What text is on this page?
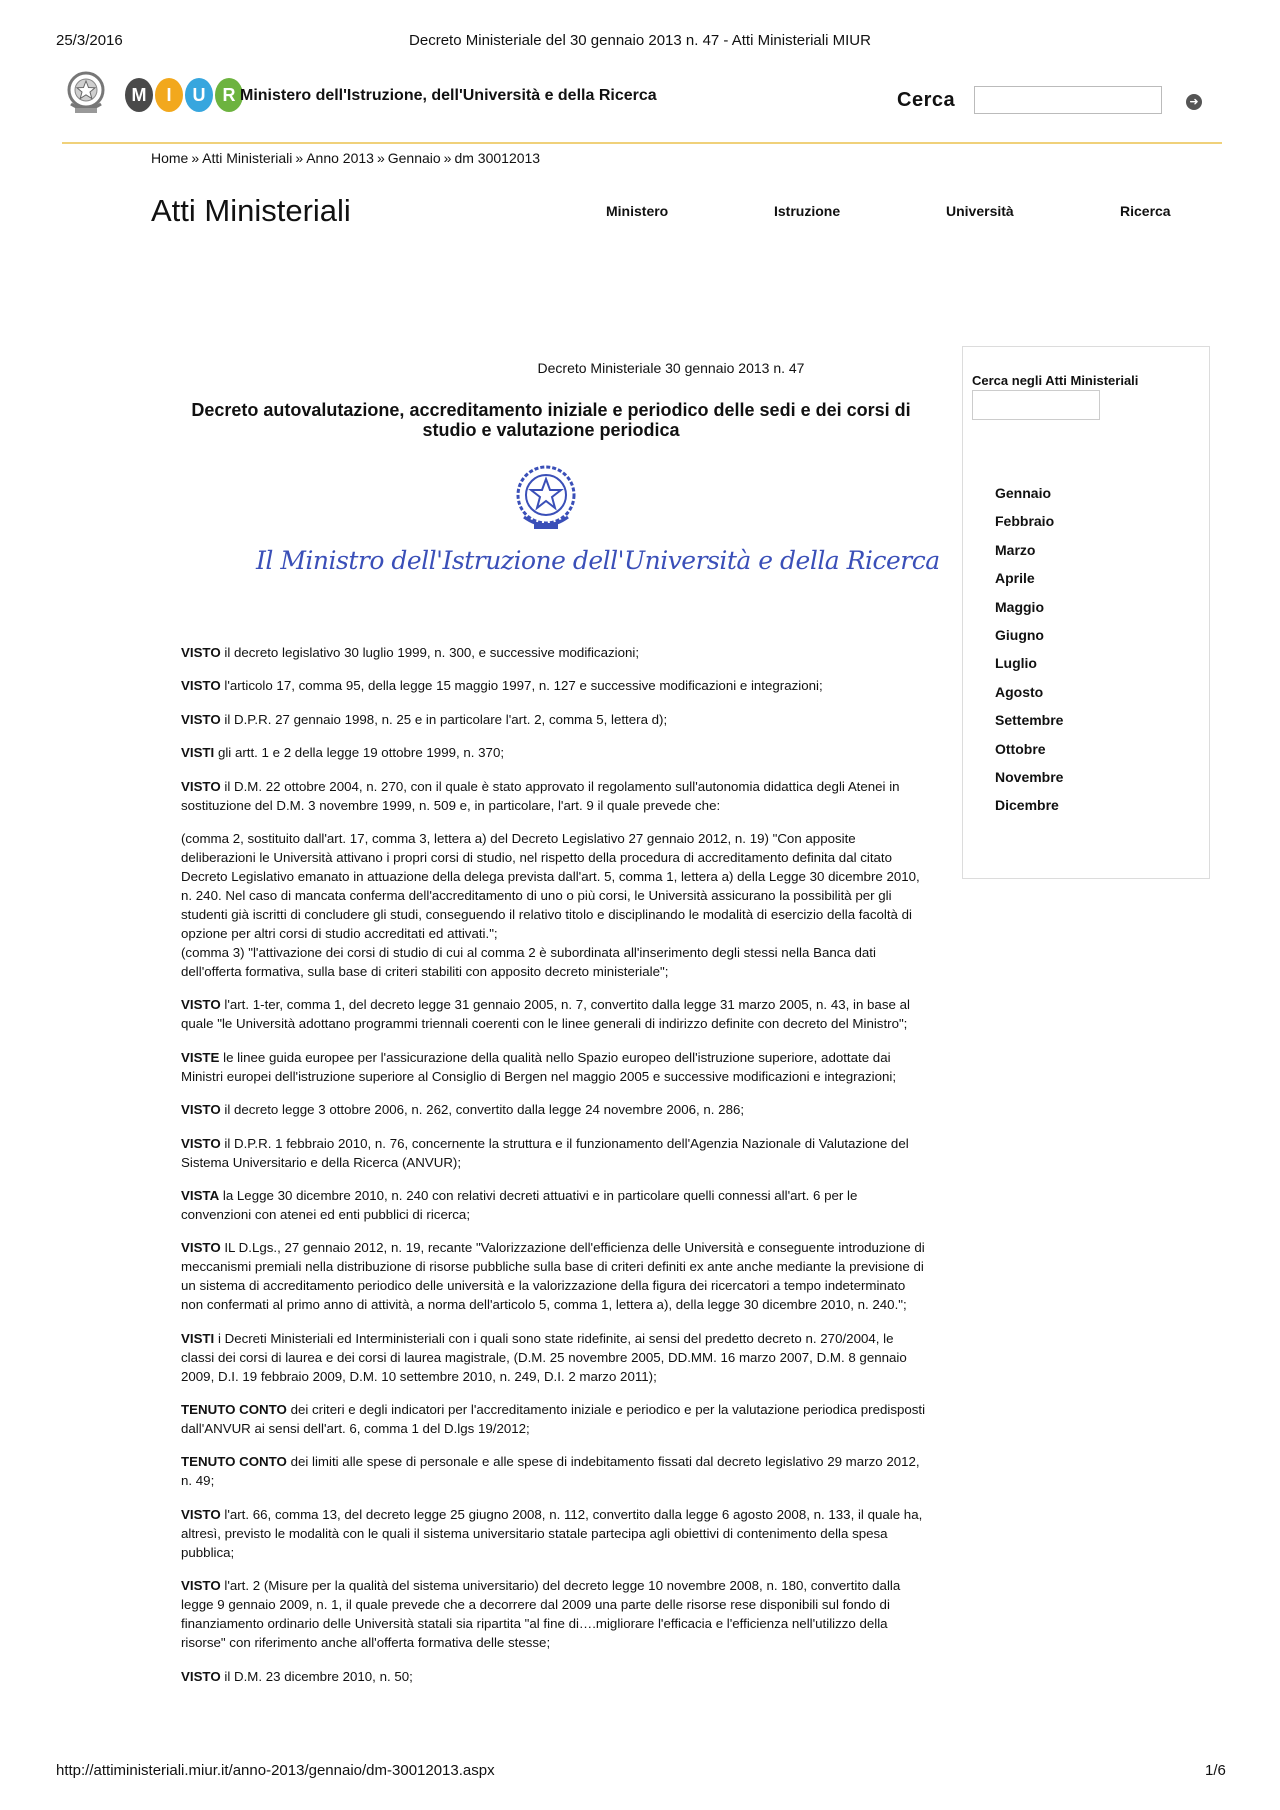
25/3/2016	Decreto Ministeriale del 30 gennaio 2013 n. 47 - Atti Ministeriali MIUR
M	I	U R Ministero dell'Istruzione, dell'Università e della Ricerca	Cerca	➜
Home » Atti Ministeriali » Anno 2013 » Gennaio » dm 30012013
Atti Ministeriali	Ministero	Istruzione	Università	Ricerca
Cerca negli Atti Ministeriali
Gennaio
Febbraio
Marzo
Aprile
Maggio
Giugno
Luglio
Agosto
Settembre
Ottobre
Novembre
Dicembre
Decreto Ministeriale 30 gennaio 2013 n. 47
Decreto autovalutazione, accreditamento iniziale e periodico delle sedi e dei corsi di studio e valutazione periodica
Il Ministro dell'Istruzione dell'Università e della Ricerca

VISTO il decreto legislativo 30 luglio 1999, n. 300, e successive modificazioni;

VISTO l'articolo 17, comma 95, della legge 15 maggio 1997, n. 127 e successive modificazioni e integrazioni;

VISTO il D.P.R. 27 gennaio 1998, n. 25 e in particolare l'art. 2, comma 5, lettera d);

VISTI gli artt. 1 e 2 della legge 19 ottobre 1999, n. 370;

VISTO il D.M. 22 ottobre 2004, n. 270, con il quale è stato approvato il regolamento sull'autonomia didattica degli Atenei in sostituzione del D.M. 3 novembre 1999, n. 509 e, in particolare, l'art. 9 il quale prevede che:

(comma 2, sostituito dall'art. 17, comma 3, lettera a) del Decreto Legislativo 27 gennaio 2012, n. 19) "Con apposite deliberazioni le Università attivano i propri corsi di studio, nel rispetto della procedura di accreditamento definita dal citato Decreto Legislativo emanato in attuazione della delega prevista dall'art. 5, comma 1, lettera a) della Legge 30 dicembre 2010, n. 240. Nel caso di mancata conferma dell'accreditamento di uno o più corsi, le Università assicurano la possibilità per gli studenti già iscritti di concludere gli studi, conseguendo il relativo titolo e disciplinando le modalità di esercizio della facoltà di opzione per altri corsi di studio accreditati ed attivati.";
(comma 3) "l'attivazione dei corsi di studio di cui al comma 2 è subordinata all'inserimento degli stessi nella Banca dati dell'offerta formativa, sulla base di criteri stabiliti con apposito decreto ministeriale";

VISTO l'art. 1-ter, comma 1, del decreto legge 31 gennaio 2005, n. 7, convertito dalla legge 31 marzo 2005, n. 43, in base al quale "le Università adottano programmi triennali coerenti con le linee generali di indirizzo definite con decreto del Ministro";

VISTE le linee guida europee per l'assicurazione della qualità nello Spazio europeo dell'istruzione superiore, adottate dai Ministri europei dell'istruzione superiore al Consiglio di Bergen nel maggio 2005 e successive modificazioni e integrazioni;

VISTO il decreto legge 3 ottobre 2006, n. 262, convertito dalla legge 24 novembre 2006, n. 286;

VISTO il D.P.R. 1 febbraio 2010, n. 76, concernente la struttura e il funzionamento dell'Agenzia Nazionale di Valutazione del Sistema Universitario e della Ricerca (ANVUR);

VISTA la Legge 30 dicembre 2010, n. 240 con relativi decreti attuativi e in particolare quelli connessi all'art. 6 per le convenzioni con atenei ed enti pubblici di ricerca;

VISTO IL D.Lgs., 27 gennaio 2012, n. 19, recante "Valorizzazione dell'efficienza delle Università e conseguente introduzione di meccanismi premiali nella distribuzione di risorse pubbliche sulla base di criteri definiti ex ante anche mediante la previsione di un sistema di accreditamento periodico delle università e la valorizzazione della figura dei ricercatori a tempo indeterminato non confermati al primo anno di attività, a norma dell'articolo 5, comma 1, lettera a), della legge 30 dicembre 2010, n. 240.";

VISTI i Decreti Ministeriali ed Interministeriali con i quali sono state ridefinite, ai sensi del predetto decreto n. 270/2004, le classi dei corsi di laurea e dei corsi di laurea magistrale, (D.M. 25 novembre 2005, DD.MM. 16 marzo 2007, D.M. 8 gennaio 2009, D.I. 19 febbraio 2009, D.M. 10 settembre 2010, n. 249, D.I. 2 marzo 2011);

TENUTO CONTO dei criteri e degli indicatori per l'accreditamento iniziale e periodico e per la valutazione periodica predisposti dall'ANVUR ai sensi dell'art. 6, comma 1 del D.lgs 19/2012;

TENUTO CONTO dei limiti alle spese di personale e alle spese di indebitamento fissati dal decreto legislativo 29 marzo 2012, n. 49;

VISTO l'art. 66, comma 13, del decreto legge 25 giugno 2008, n. 112, convertito dalla legge 6 agosto 2008, n. 133, il quale ha, altresì, previsto le modalità con le quali il sistema universitario statale partecipa agli obiettivi di contenimento della spesa pubblica;

VISTO l'art. 2 (Misure per la qualità del sistema universitario) del decreto legge 10 novembre 2008, n. 180, convertito dalla legge 9 gennaio 2009, n. 1, il quale prevede che a decorrere dal 2009 una parte delle risorse rese disponibili sul fondo di finanziamento ordinario delle Università statali sia ripartita "al fine di….migliorare l'efficacia e l'efficienza nell'utilizzo della risorse" con riferimento anche all'offerta formativa delle stesse;

VISTO il D.M. 23 dicembre 2010, n. 50;

http://attiministeriali.miur.it/anno-2013/gennaio/dm-30012013.aspx	1/6
